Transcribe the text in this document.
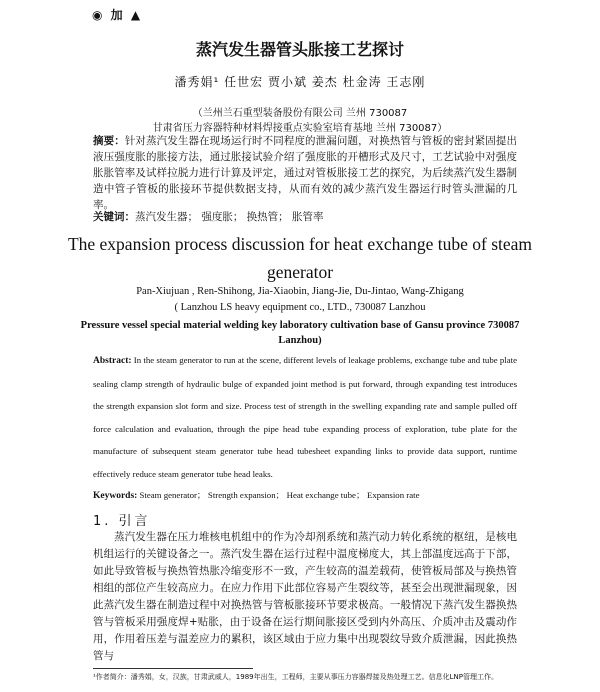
◉ 加 ▲
蒸汽发生器管头胀接工艺探讨
潘秀娟¹ 任世宏 贾小斌 姜杰 杜金涛 王志刚
（兰州兰石重型装备股份有限公司 兰州 730087
甘肃省压力容器特种材料焊接重点实验室培育基地 兰州 730087）
摘要：针对蒸汽发生器在现场运行时不同程度的泄漏问题，对换热管与管板的密封紧固提出液压强度胀的胀接方法，通过胀接试验介绍了强度胀的开槽形式及尺寸，工艺试验中对强度胀胀管率及试样拉脱力进行计算及评定，通过对管板胀接工艺的探究，为后续蒸汽发生器制造中管子管板的胀接环节提供数据支持，从而有效的减少蒸汽发生器运行时管头泄漏的几率。
关键词：蒸汽发生器； 强度胀； 换热管； 胀管率
The expansion process discussion for heat exchange tube of steam generator
Pan-Xiujuan , Ren-Shihong, Jia-Xiaobin, Jiang-Jie, Du-Jintao, Wang-Zhigang
( Lanzhou LS heavy equipment co., LTD., 730087 Lanzhou
Pressure vessel special material welding key laboratory cultivation base of Gansu province 730087 Lanzhou)
Abstract: In the steam generator to run at the scene, different levels of leakage problems, exchange tube and tube plate sealing clamp strength of hydraulic bulge of expanded joint method is put forward, through expanding test introduces the strength expansion slot form and size. Process test of strength in the swelling expanding rate and sample pulled off force calculation and evaluation, through the pipe head tube expanding process of exploration, tube plate for the manufacture of subsequent steam generator tube head tubesheet expanding links to provide data support, runtime effectively reduce steam generator tube head leaks.
Keywords: Steam generator； Strength expansion； Heat exchange tube； Expansion rate
1. 引言
蒸汽发生器在压力堆核电机组中的作为冷却剂系统和蒸汽动力转化系统的枢纽，是核电机组运行的关键设备之一。蒸汽发生器在运行过程中温度梯度大，其上部温度远高于下部，如此导致管板与换热管热胀冷缩变形不一致，产生较高的温差载荷，使管板局部及与换热管相组的部位产生较高应力。在应力作用下此部位容易产生裂纹等，甚至会出现泄漏现象，因此蒸汽发生器在制造过程中对换热管与管板胀接环节要求极高。一般情况下蒸汽发生器换热管与管板采用强度焊+贴胀，由于设备在运行期间胀接区受到内外高压、介质冲击及震动作用，作用着压差与温差应力的累积，该区域由于应力集中出现裂纹导致介质泄漏，因此换热管与
¹作者简介：潘秀娟，女，汉族，甘肃武威人，1989年出生，工程师，主要从事压力容器焊接及热处理工艺。信息化LNP管理工作。
